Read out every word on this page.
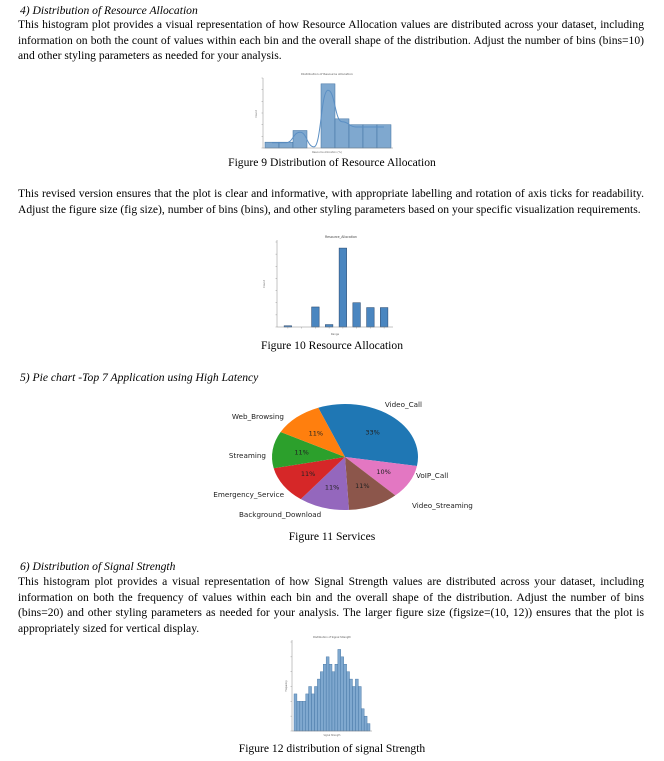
4) Distribution of Resource Allocation
This histogram plot provides a visual representation of how Resource Allocation values are distributed across your dataset, including information on both the count of values within each bin and the overall shape of the distribution. Adjust the number of bins (bins=10) and other styling parameters as needed for your analysis.
Distribution of Resource Allocation
Resource Allocation (%)
Count
Figure 9 Distribution of Resource Allocation
This revised version ensures that the plot is clear and informative, with appropriate labelling and rotation of axis ticks for readability. Adjust the figure size (fig size), number of bins (bins), and other styling parameters based on your specific visualization requirements.
Resource_Allocation
Range
Count
Figure 10 Resource Allocation
5) Pie chart -Top 7 Application using High Latency
33%
Video_Call
10%	VoIP_Call
11%
Video_Streaming
11%
Background_Download
11%
Emergency_Service
11%
Streaming
11%
Web_Browsing
Figure 11 Services
6) Distribution of Signal Strength
This histogram plot provides a visual representation of how Signal Strength values are distributed across your dataset, including information on both the frequency of values within each bin and the overall shape of the distribution. Adjust the number of bins (bins=20) and other styling parameters as needed for your analysis. The larger figure size (figsize=(10, 12)) ensures that the plot is appropriately sized for vertical display.
Distribution of Signal Strength
Signal Strength
Frequency
Figure 12 distribution of signal Strength
